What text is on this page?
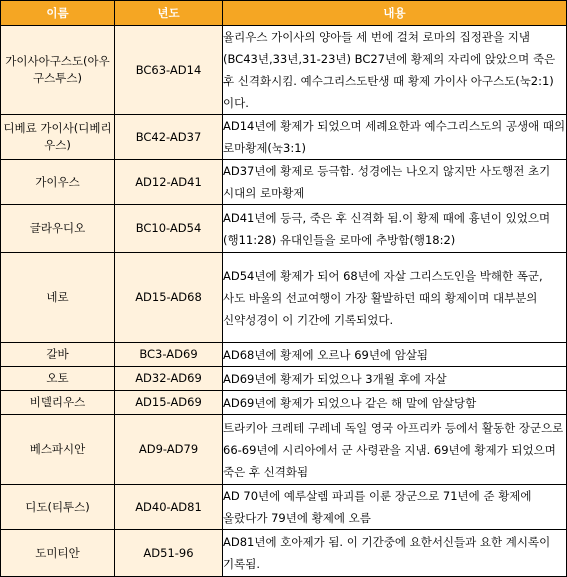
이름	년도	내용
가이사아구스도(아우구스투스)	BC63-AD14	율리우스 가이사의 양아들 세 번에 걸쳐 로마의 집정관을 지냄(BC43년,33년,31-23년) BC27년에 황제의 자리에 앉았으며 죽은 후 신격화시킴. 예수그리스도탄생 때 황제 가이사 아구스도(눅2:1)이다.
디베료 가이사(디베리우스)	BC42-AD37	AD14년에 황제가 되었으며 세례요한과 예수그리스도의 공생애 때의 로마황제(눅3:1)
가이우스	AD12-AD41	AD37년에 황제로 등극함. 성경에는 나오지 않지만 사도행전 초기 시대의 로마황제
글라우디오	BC10-AD54	AD41년에 등극, 죽은 후 신격화 됨.이 황제 때에 흉년이 있었으며(행11:28) 유대인들을 로마에 추방함(행18:2)
네로	AD15-AD68	AD54년에 황제가 되어 68년에 자살 그리스도인을 박해한 폭군, 사도 바울의 선교여행이 가장 활발하던 때의 황제이며 대부분의 신약성경이 이 기간에 기록되었다.
갈바	BC3-AD69	AD68년에 황제에 오르나 69년에 암살됨
오토	AD32-AD69	AD69년에 황제가 되었으나 3개월 후에 자살
비델리우스	AD15-AD69	AD69년에 황제가 되었으나 같은 해 말에 암살당함
베스파시안	AD9-AD79	트라키아 크레테 구레네 독일 영국 아프리카 등에서 활동한 장군으로 66-69년에 시리아에서 군 사령관을 지냄. 69년에 황제가 되었으며 죽은 후 신격화됨
디도(티투스)	AD40-AD81	AD 70년에 예루살렘 파괴를 이룬 장군으로 71년에 준 황제에 올랐다가 79년에 황제에 오름
도미티안	AD51-96	AD81년에 호아제가 됨. 이 기간중에 요한서신들과 요한 계시록이 기록됨.
